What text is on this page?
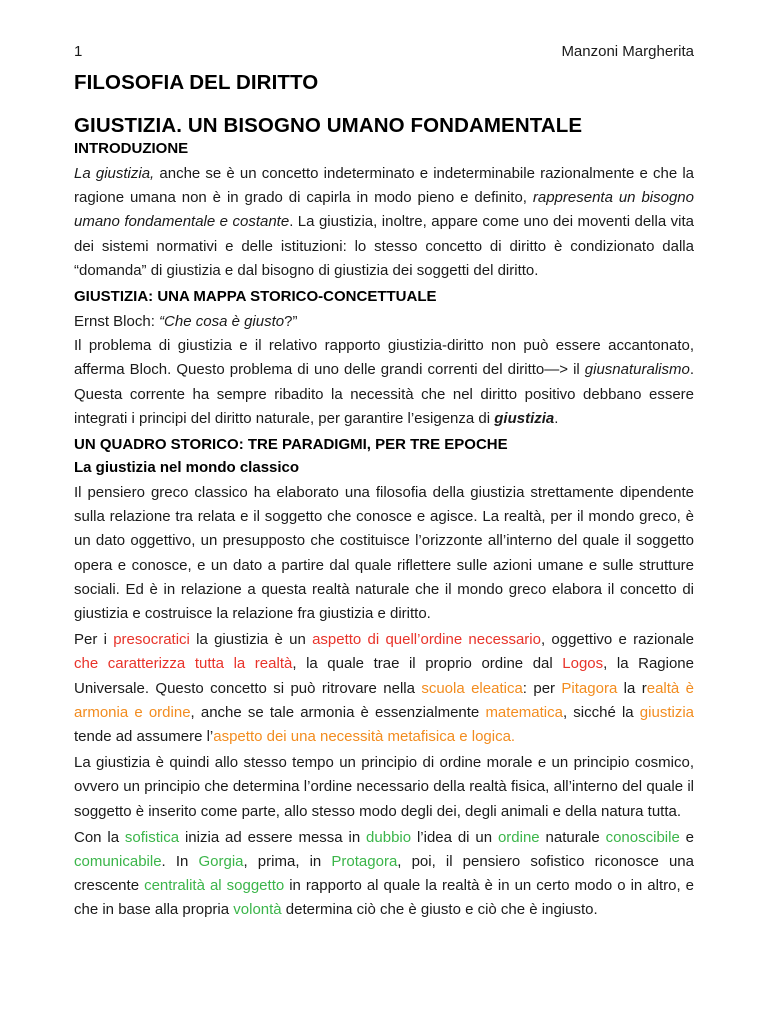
1	Manzoni Margherita
FILOSOFIA DEL DIRITTO
GIUSTIZIA. UN BISOGNO UMANO FONDAMENTALE
INTRODUZIONE

La giustizia, anche se è un concetto indeterminato e indeterminabile razionalmente e che la ragione umana non è in grado di capirla in modo pieno e definito, rappresenta un bisogno umano fondamentale e costante. La giustizia, inoltre, appare come uno dei moventi della vita dei sistemi normativi e delle istituzioni: lo stesso concetto di diritto è condizionato dalla “domanda” di giustizia e dal bisogno di giustizia dei soggetti del diritto.

GIUSTIZIA: UNA MAPPA STORICO-CONCETTUALE

Ernst Bloch: “Che cosa è giusto?”

Il problema di giustizia e il relativo rapporto giustizia-diritto non può essere accantonato, afferma Bloch. Questo problema di uno delle grandi correnti del diritto—> il giusnaturalismo. Questa corrente ha sempre ribadito la necessità che nel diritto positivo debbano essere integrati i principi del diritto naturale, per garantire l’esigenza di giustizia.

UN QUADRO STORICO: TRE PARADIGMI, PER TRE EPOCHE
La giustizia nel mondo classico

Il pensiero greco classico ha elaborato una filosofia della giustizia strettamente dipendente sulla relazione tra relata e il soggetto che conosce e agisce. La realtà, per il mondo greco, è un dato oggettivo, un presupposto che costituisce l’orizzonte all’interno del quale il soggetto opera e conosce, e un dato a partire dal quale riflettere sulle azioni umane e sulle strutture sociali. Ed è in relazione a questa realtà naturale che il mondo greco elabora il concetto di giustizia e costruisce la relazione fra giustizia e diritto.

Per i presocratici la giustizia è un aspetto di quell’ordine necessario, oggettivo e razionale che caratterizza tutta la realtà, la quale trae il proprio ordine dal Logos, la Ragione Universale. Questo concetto si può ritrovare nella scuola eleatica: per Pitagora la realtà è armonia e ordine, anche se tale armonia è essenzialmente matematica, sicché la giustizia tende ad assumere l’aspetto dei una necessità metafisica e logica.

La giustizia è quindi allo stesso tempo un principio di ordine morale e un principio cosmico, ovvero un principio che determina l’ordine necessario della realtà fisica, all’interno del quale il soggetto è inserito come parte, allo stesso modo degli dei, degli animali e della natura tutta.

Con la sofistica inizia ad essere messa in dubbio l’idea di un ordine naturale conoscibile e comunicabile. In Gorgia, prima, in Protagora, poi, il pensiero sofistico riconosce una crescente centralità al soggetto in rapporto al quale la realtà è in un certo modo o in altro, e che in base alla propria volontà determina ciò che è giusto e ciò che è ingiusto.
